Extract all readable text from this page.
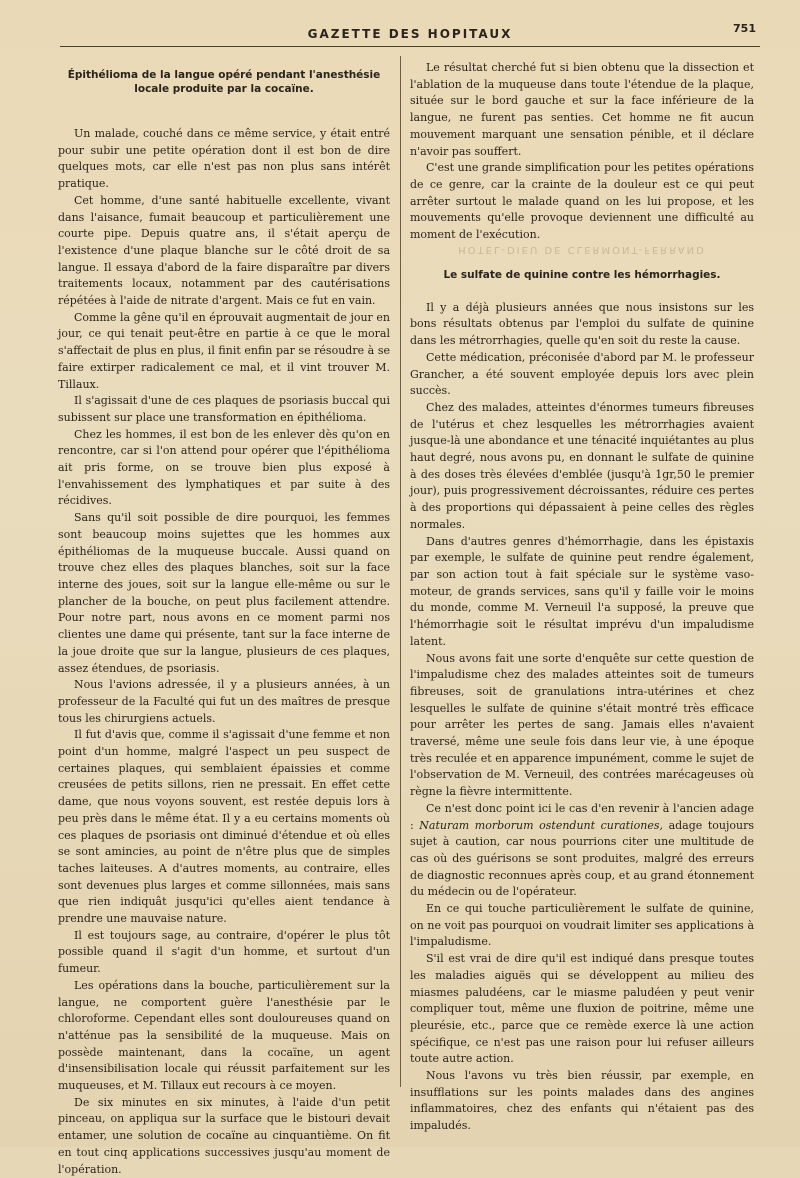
GAZETTE DES HOPITAUX	751
Épithélioma de la langue opéré pendant l'anesthésie locale produite par la cocaïne.

Un malade, couché dans ce même service, y était entré pour subir une petite opération dont il est bon de dire quelques mots, car elle n'est pas non plus sans intérêt pratique.

Cet homme, d'une santé habituelle excellente, vivant dans l'aisance, fumait beaucoup et particulièrement une courte pipe. Depuis quatre ans, il s'était aperçu de l'existence d'une plaque blanche sur le côté droit de sa langue. Il essaya d'abord de la faire disparaître par divers traitements locaux, notamment par des cautérisations répétées à l'aide de nitrate d'argent. Mais ce fut en vain.

Comme la gêne qu'il en éprouvait augmentait de jour en jour, ce qui tenait peut-être en partie à ce que le moral s'affectait de plus en plus, il finit enfin par se résoudre à se faire extirper radicalement ce mal, et il vint trouver M. Tillaux.

Il s'agissait d'une de ces plaques de psoriasis buccal qui subissent sur place une transformation en épithélioma.

Chez les hommes, il est bon de les enlever dès qu'on en rencontre, car si l'on attend pour opérer que l'épithélioma ait pris forme, on se trouve bien plus exposé à l'envahissement des lymphatiques et par suite à des récidives.

Sans qu'il soit possible de dire pourquoi, les femmes sont beaucoup moins sujettes que les hommes aux épithéliomas de la muqueuse buccale. Aussi quand on trouve chez elles des plaques blanches, soit sur la face interne des joues, soit sur la langue elle-même ou sur le plancher de la bouche, on peut plus facilement attendre. Pour notre part, nous avons en ce moment parmi nos clientes une dame qui présente, tant sur la face interne de la joue droite que sur la langue, plusieurs de ces plaques, assez étendues, de psoriasis.

Nous l'avions adressée, il y a plusieurs années, à un professeur de la Faculté qui fut un des maîtres de presque tous les chirurgiens actuels.

Il fut d'avis que, comme il s'agissait d'une femme et non point d'un homme, malgré l'aspect un peu suspect de certaines plaques, qui semblaient épaissies et comme creusées de petits sillons, rien ne pressait. En effet cette dame, que nous voyons souvent, est restée depuis lors à peu près dans le même état. Il y a eu certains moments où ces plaques de psoriasis ont diminué d'étendue et où elles se sont amincies, au point de n'être plus que de simples taches laiteuses. A d'autres moments, au contraire, elles sont devenues plus larges et comme sillonnées, mais sans que rien indiquât jusqu'ici qu'elles aient tendance à prendre une mauvaise nature.

Il est toujours sage, au contraire, d'opérer le plus tôt possible quand il s'agit d'un homme, et surtout d'un fumeur.

Les opérations dans la bouche, particulièrement sur la langue, ne comportent guère l'anesthésie par le chloroforme. Cependant elles sont douloureuses quand on n'atténue pas la sensibilité de la muqueuse. Mais on possède maintenant, dans la cocaïne, un agent d'insensibilisation locale qui réussit parfaitement sur les muqueuses, et M. Tillaux eut recours à ce moyen.

De six minutes en six minutes, à l'aide d'un petit pinceau, on appliqua sur la surface que le bistouri devait entamer, une solution de cocaïne au cinquantième. On fit en tout cinq applications successives jusqu'au moment de l'opération.

Le résultat cherché fut si bien obtenu que la dissection et l'ablation de la muqueuse dans toute l'étendue de la plaque, située sur le bord gauche et sur la face inférieure de la langue, ne furent pas senties. Cet homme ne fit aucun mouvement marquant une sensation pénible, et il déclare n'avoir pas souffert.

C'est une grande simplification pour les petites opérations de ce genre, car la crainte de la douleur est ce qui peut arrêter surtout le malade quand on les lui propose, et les mouvements qu'elle provoque deviennent une difficulté au moment de l'exécution.

HOTEL-DIEU DE CLERMONT-FERRAND
Le sulfate de quinine contre les hémorrhagies.

Il y a déjà plusieurs années que nous insistons sur les bons résultats obtenus par l'emploi du sulfate de quinine dans les métrorrhagies, quelle qu'en soit du reste la cause.

Cette médication, préconisée d'abord par M. le professeur Grancher, a été souvent employée depuis lors avec plein succès.

Chez des malades, atteintes d'énormes tumeurs fibreuses de l'utérus et chez lesquelles les métrorrhagies avaient jusque-là une abondance et une ténacité inquiétantes au plus haut degré, nous avons pu, en donnant le sulfate de quinine à des doses très élevées d'emblée (jusqu'à 1gr,50 le premier jour), puis progressivement décroissantes, réduire ces pertes à des proportions qui dépassaient à peine celles des règles normales.

Dans d'autres genres d'hémorrhagie, dans les épistaxis par exemple, le sulfate de quinine peut rendre également, par son action tout à fait spéciale sur le système vaso-moteur, de grands services, sans qu'il y faille voir le moins du monde, comme M. Verneuil l'a supposé, la preuve que l'hémorrhagie soit le résultat imprévu d'un impaludisme latent.

Nous avons fait une sorte d'enquête sur cette question de l'impaludisme chez des malades atteintes soit de tumeurs fibreuses, soit de granulations intra-utérines et chez lesquelles le sulfate de quinine s'était montré très efficace pour arrêter les pertes de sang. Jamais elles n'avaient traversé, même une seule fois dans leur vie, à une époque très reculée et en apparence impunément, comme le sujet de l'observation de M. Verneuil, des contrées marécageuses où règne la fièvre intermittente.

Ce n'est donc point ici le cas d'en revenir à l'ancien adage : Naturam morborum ostendunt curationes, adage toujours sujet à caution, car nous pourrions citer une multitude de cas où des guérisons se sont produites, malgré des erreurs de diagnostic reconnues après coup, et au grand étonnement du médecin ou de l'opérateur.

En ce qui touche particulièrement le sulfate de quinine, on ne voit pas pourquoi on voudrait limiter ses applications à l'impaludisme.

S'il est vrai de dire qu'il est indiqué dans presque toutes les maladies aiguës qui se développent au milieu des miasmes paludéens, car le miasme paludéen y peut venir compliquer tout, même une fluxion de poitrine, même une pleurésie, etc., parce que ce remède exerce là une action spécifique, ce n'est pas une raison pour lui refuser ailleurs toute autre action.

Nous l'avons vu très bien réussir, par exemple, en insufflations sur les points malades dans des angines inflammatoires, chez des enfants qui n'étaient pas des impaludés.
